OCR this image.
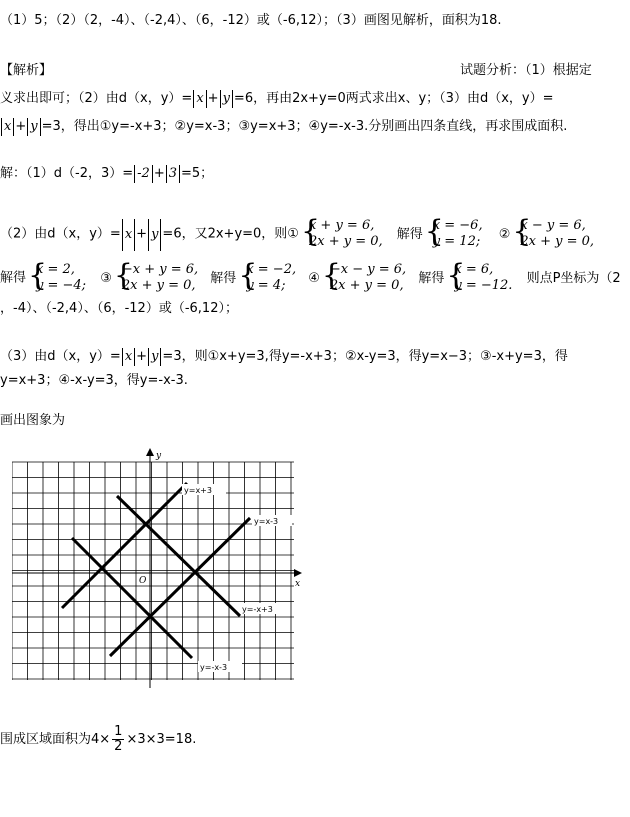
（1）5；（2）（2，-4）、（-2,4）、（6，-12）或（-6,12）；（3）画图见解析，面积为18.
【解析】	试题分析：（1）根据定
义求出即可；（2）由d（x，y）= x + y =6，再由2x+y=0两式求出x、y；（3）由d（x，y）=
x + y =3，得出①y=-x+3；②y=x-3；③y=x+3；④y=-x-3.分别画出四条直线，再求围成面积.
解：（1）d（-2，3）= -2 + 3 =5；
（2）由d（x，y）= x + y =6，又2x+y=0，则① {
x + y = 6,
2x + y = 0, 解得 {
x = −6,
y = 12; ② {
x − y = 6,
2x + y = 0,
解得 {
x = 2,
y = −4; ③ {
−x + y = 6,
2x + y = 0, 解得 {
x = −2,
y = 4;	④ {
−x − y = 6,
2x + y = 0, 解得 {
x = 6,
y = −12. 则点P坐标为（2
，-4）、（-2,4）、（6，-12）或（-6,12）；
（3）由d（x，y）= x + y =3，则①x+y=3,得y=-x+3；②x-y=3，得y=x−3；③-x+y=3，得
y=x+3；④-x-y=3，得y=-x-3.
画出图象为
y
x
O
y=x+3
y=x-3
y=-x+3
y=-x-3
围成区域面积为$4\times \frac{1}{2} \times 3\times 3=18$.
